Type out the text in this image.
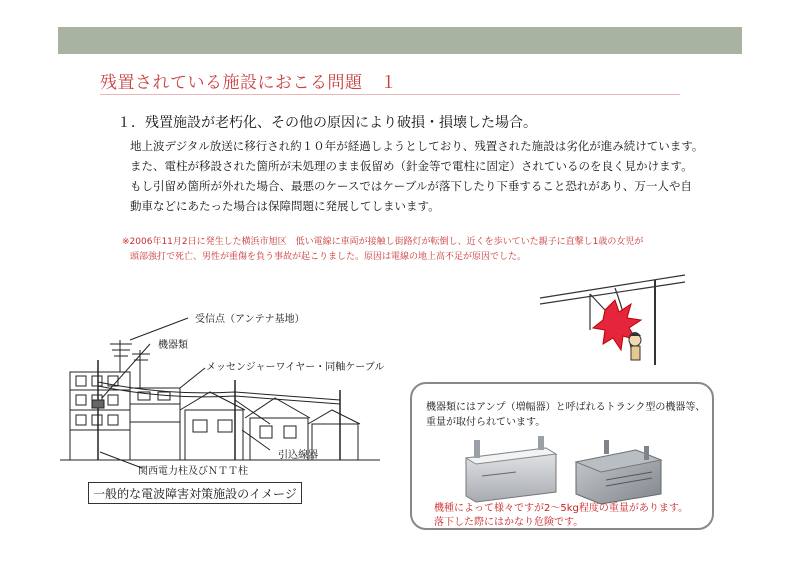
残置されている施設におこる問題　１
１．残置施設が老朽化、その他の原因により破損・損壊した場合。
地上波デジタル放送に移行され約１０年が経過しようとしており、残置された施設は劣化が進み続けています。
また、電柱が移設された箇所が未処理のまま仮留め（針金等で電柱に固定）されているのを良く見かけます。
もし引留め箇所が外れた場合、最悪のケースではケーブルが落下したり下垂すること恐れがあり、万一人や自
動車などにあたった場合は保障問題に発展してしまいます。
※2006年11月2日に発生した横浜市旭区　低い電線に車両が接触し街路灯が転倒し、近くを歩いていた親子に直撃し1歳の女児が
頭部強打で死亡、男性が重傷を負う事故が起こりました。原因は電線の地上高不足が原因でした。
受信点（アンテナ基地）
機器類
メッセンジャーワイヤー・同軸ケーブル
引込線器
関西電力柱及びＮＴＴ柱
一般的な電波障害対策施設のイメージ
機器類にはアンプ（増幅器）と呼ばれるトランク型の機器等、
重量が取付られています。
機種によって様々ですが2～5kg程度の重量があります。
落下した際にはかなり危険です。
